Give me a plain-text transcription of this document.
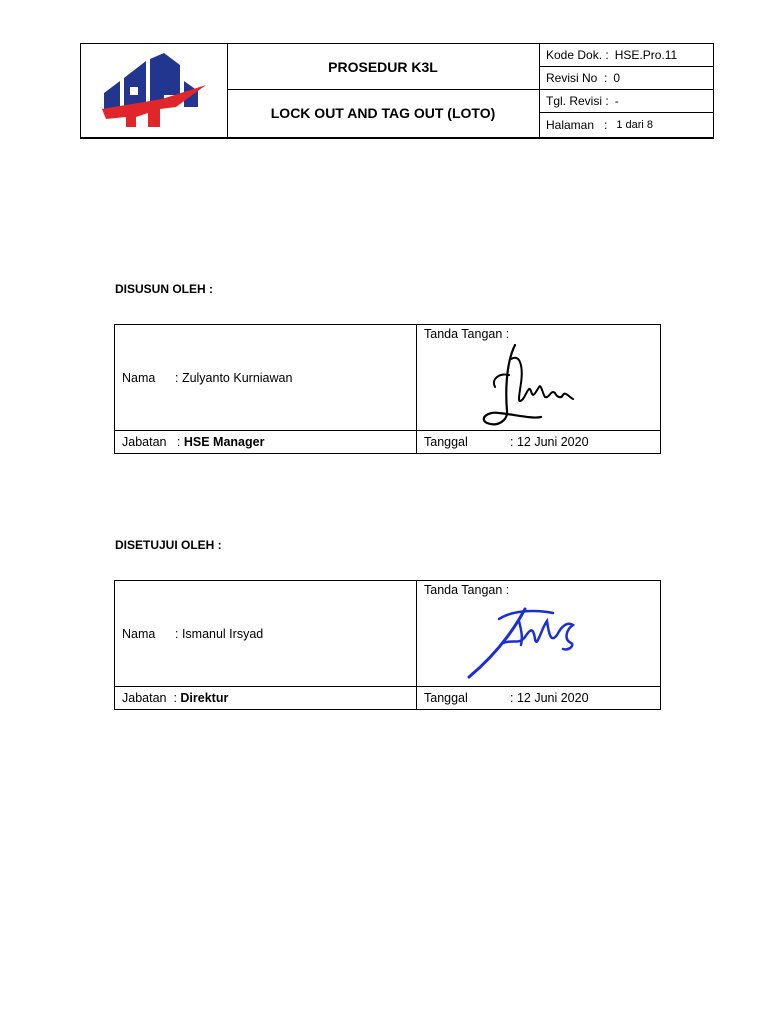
PROSEDUR K3L
LOCK OUT AND TAG OUT (LOTO)
Kode Dok. : HSE.Pro.11
Revisi No  : 0
Tgl. Revisi : -
Halaman   : 1 dari 8
DISUSUN OLEH :
Nama	: Zulyanto Kurniawan
Tanda Tangan :
Jabatan
:
HSE Manager	Tanggal	: 12 Juni 2020
DISETUJUI OLEH :
Nama	: Ismanul Irsyad
Tanda Tangan :
Jabatan
:
Direktur	Tanggal	: 12 Juni 2020
